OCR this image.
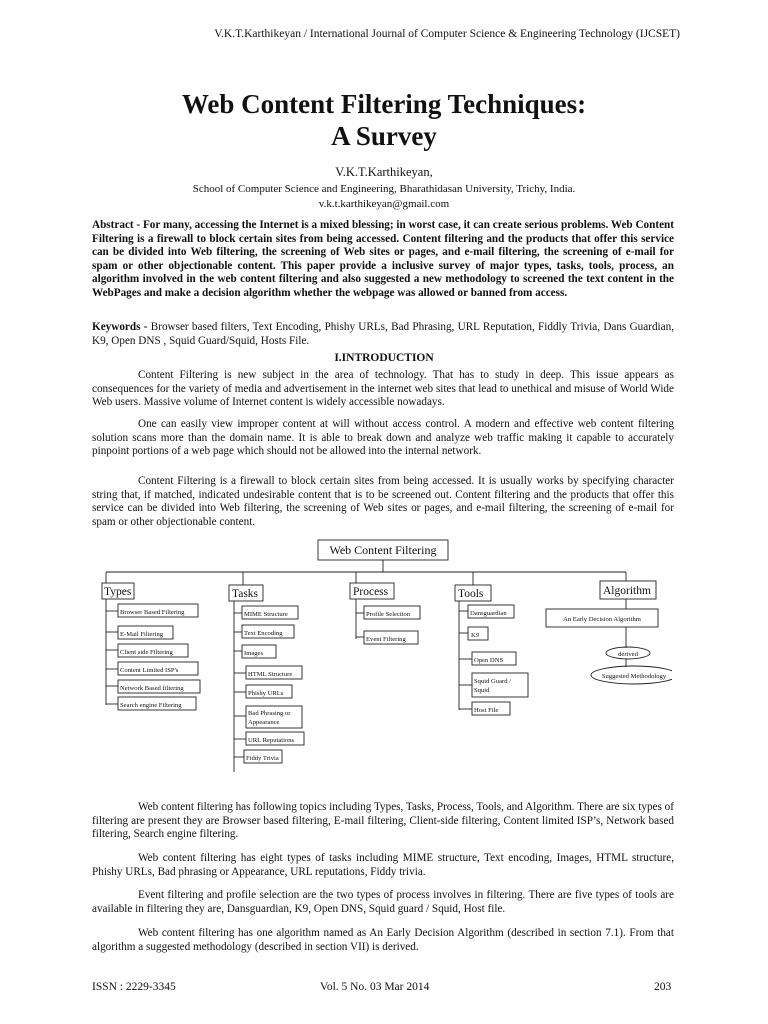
V.K.T.Karthikeyan / International Journal of Computer Science & Engineering Technology (IJCSET)
Web Content Filtering Techniques:
A Survey
V.K.T.Karthikeyan,
School of Computer Science and Engineering, Bharathidasan University, Trichy, India.
v.k.t.karthikeyan@gmail.com
Abstract - For many, accessing the Internet is a mixed blessing; in worst case, it can create serious problems. Web Content Filtering is a firewall to block certain sites from being accessed. Content filtering and the products that offer this service can be divided into Web filtering, the screening of Web sites or pages, and e-mail filtering, the screening of e-mail for spam or other objectionable content. This paper provide a inclusive survey of major types, tasks, tools, process, an algorithm involved in the web content filtering and also suggested a new methodology to screened the text content in the WebPages and make a decision algorithm whether the webpage was allowed or banned from access.
Keywords - Browser based filters, Text Encoding, Phishy URLs, Bad Phrasing, URL Reputation, Fiddly Trivia, Dans Guardian, K9, Open DNS , Squid Guard/Squid, Hosts File.
I.INTRODUCTION
Content Filtering is new subject in the area of technology. That has to study in deep. This issue appears as consequences for the variety of media and advertisement in the internet web sites that lead to unethical and misuse of World Wide Web users. Massive volume of Internet content is widely accessible nowadays.
One can easily view improper content at will without access control. A modern and effective web content filtering solution scans more than the domain name. It is able to break down and analyze web traffic making it capable to accurately pinpoint portions of a web page which should not be allowed into the internal network.
Content Filtering is a firewall to block certain sites from being accessed. It is usually works by specifying character string that, if matched, indicated undesirable content that is to be screened out. Content filtering and the products that offer this service can be divided into Web filtering, the screening of Web sites or pages, and e-mail filtering, the screening of e-mail for spam or other objectionable content.
Web Content Filtering
Types	Tasks	Process	Tools	Algorithm
Browser Based Filtering
E-Mail Filtering
Client side Filtering
Content Limited ISP's
Network Based filtering
Search engine Filtering
MIME Structure
Text Encoding
Images
HTML Structure
Phishy URLs
Bad Phrasing or
Appearance
URL Reputations
Fiddy Trivia
Profile Selection
Event Filtering
Dansguardian
K9
Open DNS
Squid Guard /
Squid
Host File
An Early Decision Algorithm
derived
Suggested Methodology
Web content filtering has following topics including Types, Tasks, Process, Tools, and Algorithm. There are six types of filtering are present they are Browser based filtering, E-mail filtering, Client-side filtering, Content limited ISP’s, Network based filtering, Search engine filtering.
Web content filtering has eight types of tasks including MIME structure, Text encoding, Images, HTML structure, Phishy URLs, Bad phrasing or Appearance, URL reputations, Fiddy trivia.
Event filtering and profile selection are the two types of process involves in filtering. There are five types of tools are available in filtering they are, Dansguardian, K9, Open DNS, Squid guard / Squid, Host file.
Web content filtering has one algorithm named as An Early Decision Algorithm (described in section 7.1). From that algorithm a suggested methodology (described in section VII) is derived.
ISSN : 2229-3345	Vol. 5 No. 03 Mar 2014	203
